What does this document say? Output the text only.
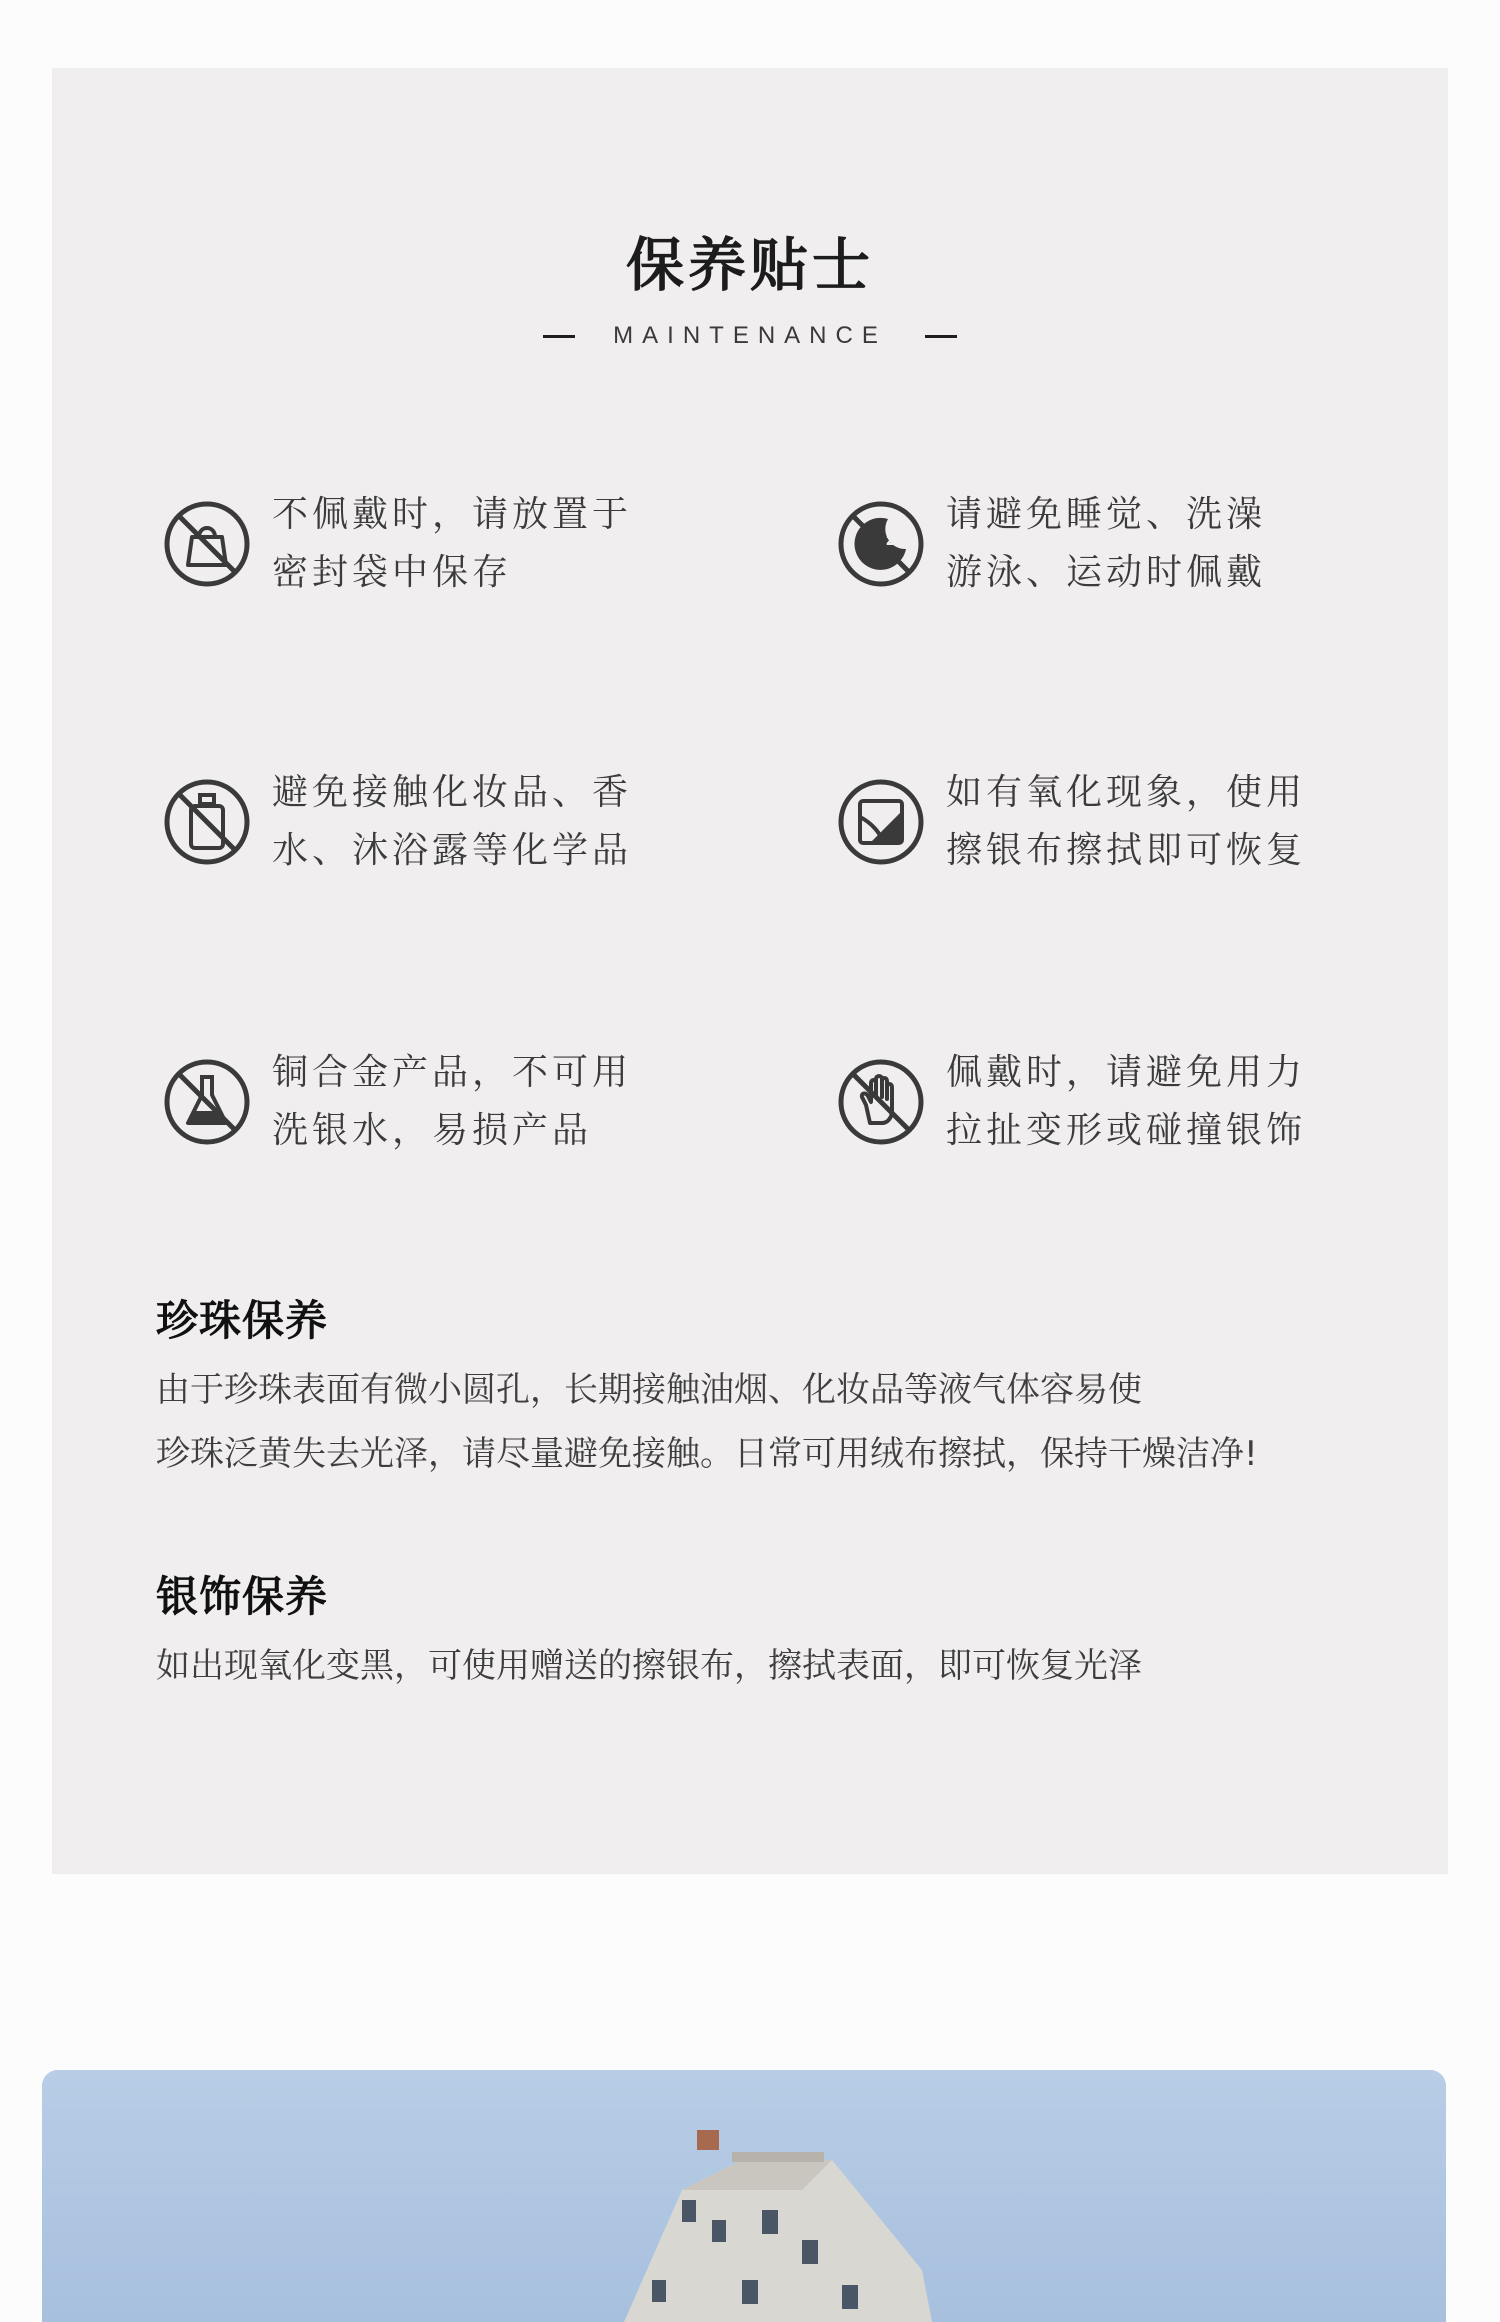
保养贴士
MAINTENANCE
不佩戴时，请放置于
密封袋中保存
z
请避免睡觉、洗澡
游泳、运动时佩戴
避免接触化妆品、香
水、沐浴露等化学品
如有氧化现象，使用
擦银布擦拭即可恢复
铜合金产品，不可用
洗银水，易损产品
佩戴时，请避免用力
拉扯变形或碰撞银饰
珍珠保养
由于珍珠表面有微小圆孔，长期接触油烟、化妆品等液气体容易使
珍珠泛黄失去光泽，请尽量避免接触。日常可用绒布擦拭，保持干燥洁净!
银饰保养
如出现氧化变黑，可使用赠送的擦银布，擦拭表面，即可恢复光泽
